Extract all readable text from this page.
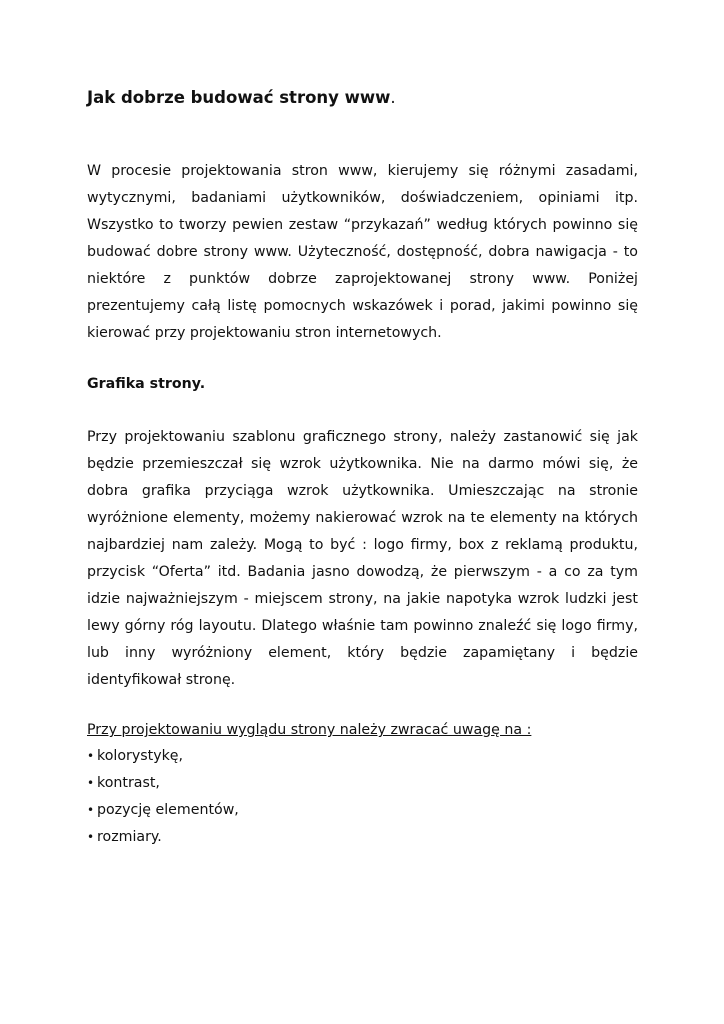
Jak dobrze budować strony www.

W procesie projektowania stron www, kierujemy się różnymi zasadami, wytycznymi, badaniami użytkowników, doświadczeniem, opiniami itp. Wszystko to tworzy pewien zestaw “przykazań” według których powinno się budować dobre strony www. Użyteczność, dostępność, dobra nawigacja - to niektóre z punktów dobrze zaprojektowanej strony www. Poniżej prezentujemy całą listę pomocnych wskazówek i porad, jakimi powinno się kierować przy projektowaniu stron internetowych.

Grafika strony.

Przy projektowaniu szablonu graficznego strony, należy zastanowić się jak będzie przemieszczał się wzrok użytkownika. Nie na darmo mówi się, że dobra grafika przyciąga wzrok użytkownika. Umieszczając na stronie wyróżnione elementy, możemy nakierować wzrok na te elementy na których najbardziej nam zależy. Mogą to być : logo firmy, box z reklamą produktu, przycisk “Oferta” itd. Badania jasno dowodzą, że pierwszym - a co za tym idzie najważniejszym - miejscem strony, na jakie napotyka wzrok ludzki jest lewy górny róg layoutu. Dlatego właśnie tam powinno znaleźć się logo firmy, lub inny wyróżniony element, który będzie zapamiętany i będzie identyfikował stronę.

Przy projektowaniu wyglądu strony należy zwracać uwagę na :

• kolorystykę,
• kontrast,
• pozycję elementów,
• rozmiary.
